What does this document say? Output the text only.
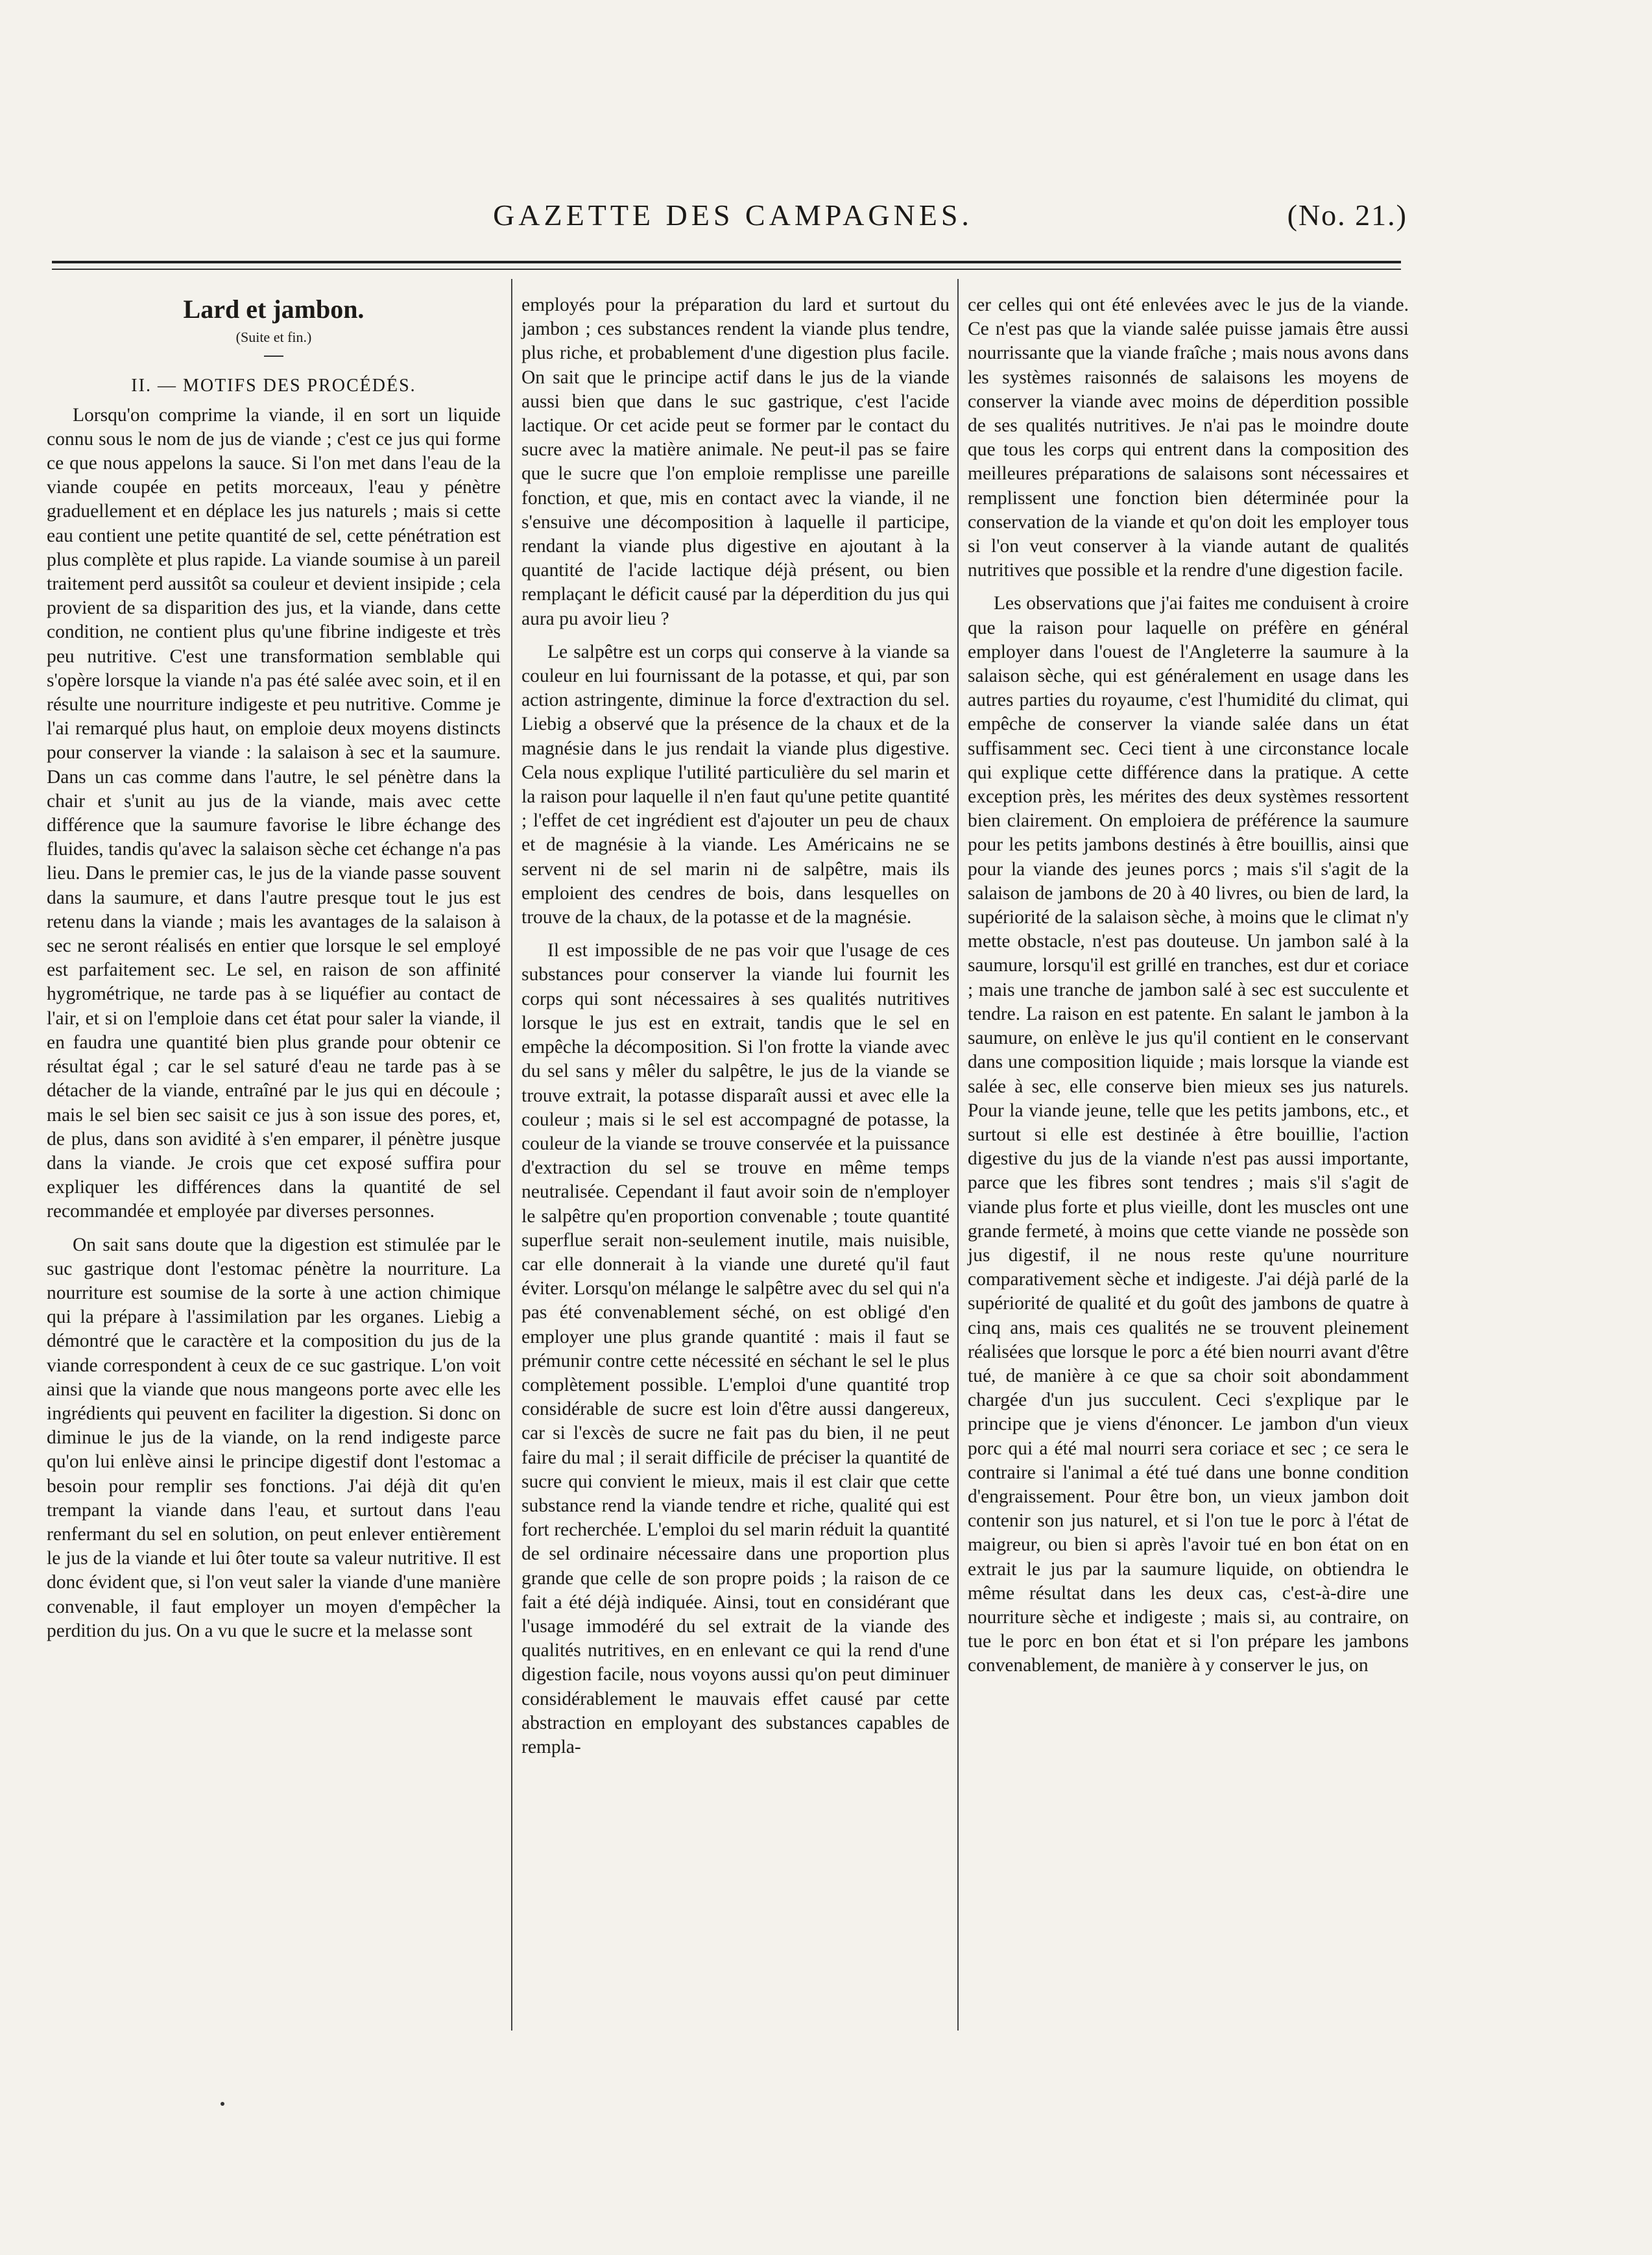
GAZETTE DES CAMPAGNES.	(No. 21.)
Lard et jambon.
(Suite et fin.)
II. — MOTIFS DES PROCÉDÉS.

Lorsqu'on comprime la viande, il en sort un liquide connu sous le nom de jus de viande ; c'est ce jus qui forme ce que nous appelons la sauce. Si l'on met dans l'eau de la viande coupée en petits morceaux, l'eau y pénètre graduellement et en déplace les jus naturels ; mais si cette eau contient une petite quantité de sel, cette pénétration est plus complète et plus rapide. La viande soumise à un pareil traitement perd aussitôt sa couleur et devient insipide ; cela provient de sa disparition des jus, et la viande, dans cette condition, ne contient plus qu'une fibrine indigeste et très peu nutritive. C'est une transformation semblable qui s'opère lorsque la viande n'a pas été salée avec soin, et il en résulte une nourriture indigeste et peu nutritive. Comme je l'ai remarqué plus haut, on emploie deux moyens distincts pour conserver la viande : la salaison à sec et la saumure. Dans un cas comme dans l'autre, le sel pénètre dans la chair et s'unit au jus de la viande, mais avec cette différence que la saumure favorise le libre échange des fluides, tandis qu'avec la salaison sèche cet échange n'a pas lieu. Dans le premier cas, le jus de la viande passe souvent dans la saumure, et dans l'autre presque tout le jus est retenu dans la viande ; mais les avantages de la salaison à sec ne seront réalisés en entier que lorsque le sel employé est parfaitement sec. Le sel, en raison de son affinité hygrométrique, ne tarde pas à se liquéfier au contact de l'air, et si on l'emploie dans cet état pour saler la viande, il en faudra une quantité bien plus grande pour obtenir ce résultat égal ; car le sel saturé d'eau ne tarde pas à se détacher de la viande, entraîné par le jus qui en découle ; mais le sel bien sec saisit ce jus à son issue des pores, et, de plus, dans son avidité à s'en emparer, il pénètre jusque dans la viande. Je crois que cet exposé suffira pour expliquer les différences dans la quantité de sel recommandée et employée par diverses personnes.

On sait sans doute que la digestion est stimulée par le suc gastrique dont l'estomac pénètre la nourriture. La nourriture est soumise de la sorte à une action chimique qui la prépare à l'assimilation par les organes. Liebig a démontré que le caractère et la composition du jus de la viande correspondent à ceux de ce suc gastrique. L'on voit ainsi que la viande que nous mangeons porte avec elle les ingrédients qui peuvent en faciliter la digestion. Si donc on diminue le jus de la viande, on la rend indigeste parce qu'on lui enlève ainsi le principe digestif dont l'estomac a besoin pour remplir ses fonctions. J'ai déjà dit qu'en trempant la viande dans l'eau, et surtout dans l'eau renfermant du sel en solution, on peut enlever entièrement le jus de la viande et lui ôter toute sa valeur nutritive. Il est donc évident que, si l'on veut saler la viande d'une manière convenable, il faut employer un moyen d'empêcher la perdition du jus. On a vu que le sucre et la melasse sont

employés pour la préparation du lard et surtout du jambon ; ces substances rendent la viande plus tendre, plus riche, et probablement d'une digestion plus facile. On sait que le principe actif dans le jus de la viande aussi bien que dans le suc gastrique, c'est l'acide lactique. Or cet acide peut se former par le contact du sucre avec la matière animale. Ne peut-il pas se faire que le sucre que l'on emploie remplisse une pareille fonction, et que, mis en contact avec la viande, il ne s'ensuive une décomposition à laquelle il participe, rendant la viande plus digestive en ajoutant à la quantité de l'acide lactique déjà présent, ou bien remplaçant le déficit causé par la déperdition du jus qui aura pu avoir lieu ?

Le salpêtre est un corps qui conserve à la viande sa couleur en lui fournissant de la potasse, et qui, par son action astringente, diminue la force d'extraction du sel. Liebig a observé que la présence de la chaux et de la magnésie dans le jus rendait la viande plus digestive. Cela nous explique l'utilité particulière du sel marin et la raison pour laquelle il n'en faut qu'une petite quantité ; l'effet de cet ingrédient est d'ajouter un peu de chaux et de magnésie à la viande. Les Américains ne se servent ni de sel marin ni de salpêtre, mais ils emploient des cendres de bois, dans lesquelles on trouve de la chaux, de la potasse et de la magnésie.

Il est impossible de ne pas voir que l'usage de ces substances pour conserver la viande lui fournit les corps qui sont nécessaires à ses qualités nutritives lorsque le jus est en extrait, tandis que le sel en empêche la décomposition. Si l'on frotte la viande avec du sel sans y mêler du salpêtre, le jus de la viande se trouve extrait, la potasse disparaît aussi et avec elle la couleur ; mais si le sel est accompagné de potasse, la couleur de la viande se trouve conservée et la puissance d'extraction du sel se trouve en même temps neutralisée. Cependant il faut avoir soin de n'employer le salpêtre qu'en proportion convenable ; toute quantité superflue serait non-seulement inutile, mais nuisible, car elle donnerait à la viande une dureté qu'il faut éviter. Lorsqu'on mélange le salpêtre avec du sel qui n'a pas été convenablement séché, on est obligé d'en employer une plus grande quantité : mais il faut se prémunir contre cette nécessité en séchant le sel le plus complètement possible. L'emploi d'une quantité trop considérable de sucre est loin d'être aussi dangereux, car si l'excès de sucre ne fait pas du bien, il ne peut faire du mal ; il serait difficile de préciser la quantité de sucre qui convient le mieux, mais il est clair que cette substance rend la viande tendre et riche, qualité qui est fort recherchée. L'emploi du sel marin réduit la quantité de sel ordinaire nécessaire dans une proportion plus grande que celle de son propre poids ; la raison de ce fait a été déjà indiquée. Ainsi, tout en considérant que l'usage immodéré du sel extrait de la viande des qualités nutritives, en en enlevant ce qui la rend d'une digestion facile, nous voyons aussi qu'on peut diminuer considérablement le mauvais effet causé par cette abstraction en employant des substances capables de rempla-

cer celles qui ont été enlevées avec le jus de la viande. Ce n'est pas que la viande salée puisse jamais être aussi nourrissante que la viande fraîche ; mais nous avons dans les systèmes raisonnés de salaisons les moyens de conserver la viande avec moins de déperdition possible de ses qualités nutritives. Je n'ai pas le moindre doute que tous les corps qui entrent dans la composition des meilleures préparations de salaisons sont nécessaires et remplissent une fonction bien déterminée pour la conservation de la viande et qu'on doit les employer tous si l'on veut conserver à la viande autant de qualités nutritives que possible et la rendre d'une digestion facile.

Les observations que j'ai faites me conduisent à croire que la raison pour laquelle on préfère en général employer dans l'ouest de l'Angleterre la saumure à la salaison sèche, qui est généralement en usage dans les autres parties du royaume, c'est l'humidité du climat, qui empêche de conserver la viande salée dans un état suffisamment sec. Ceci tient à une circonstance locale qui explique cette différence dans la pratique. A cette exception près, les mérites des deux systèmes ressortent bien clairement. On emploiera de préférence la saumure pour les petits jambons destinés à être bouillis, ainsi que pour la viande des jeunes porcs ; mais s'il s'agit de la salaison de jambons de 20 à 40 livres, ou bien de lard, la supériorité de la salaison sèche, à moins que le climat n'y mette obstacle, n'est pas douteuse. Un jambon salé à la saumure, lorsqu'il est grillé en tranches, est dur et coriace ; mais une tranche de jambon salé à sec est succulente et tendre. La raison en est patente. En salant le jambon à la saumure, on enlève le jus qu'il contient en le conservant dans une composition liquide ; mais lorsque la viande est salée à sec, elle conserve bien mieux ses jus naturels. Pour la viande jeune, telle que les petits jambons, etc., et surtout si elle est destinée à être bouillie, l'action digestive du jus de la viande n'est pas aussi importante, parce que les fibres sont tendres ; mais s'il s'agit de viande plus forte et plus vieille, dont les muscles ont une grande fermeté, à moins que cette viande ne possède son jus digestif, il ne nous reste qu'une nourriture comparativement sèche et indigeste. J'ai déjà parlé de la supériorité de qualité et du goût des jambons de quatre à cinq ans, mais ces qualités ne se trouvent pleinement réalisées que lorsque le porc a été bien nourri avant d'être tué, de manière à ce que sa choir soit abondamment chargée d'un jus succulent. Ceci s'explique par le principe que je viens d'énoncer. Le jambon d'un vieux porc qui a été mal nourri sera coriace et sec ; ce sera le contraire si l'animal a été tué dans une bonne condition d'engraissement. Pour être bon, un vieux jambon doit contenir son jus naturel, et si l'on tue le porc à l'état de maigreur, ou bien si après l'avoir tué en bon état on en extrait le jus par la saumure liquide, on obtiendra le même résultat dans les deux cas, c'est-à-dire une nourriture sèche et indigeste ; mais si, au contraire, on tue le porc en bon état et si l'on prépare les jambons convenablement, de manière à y conserver le jus, on
